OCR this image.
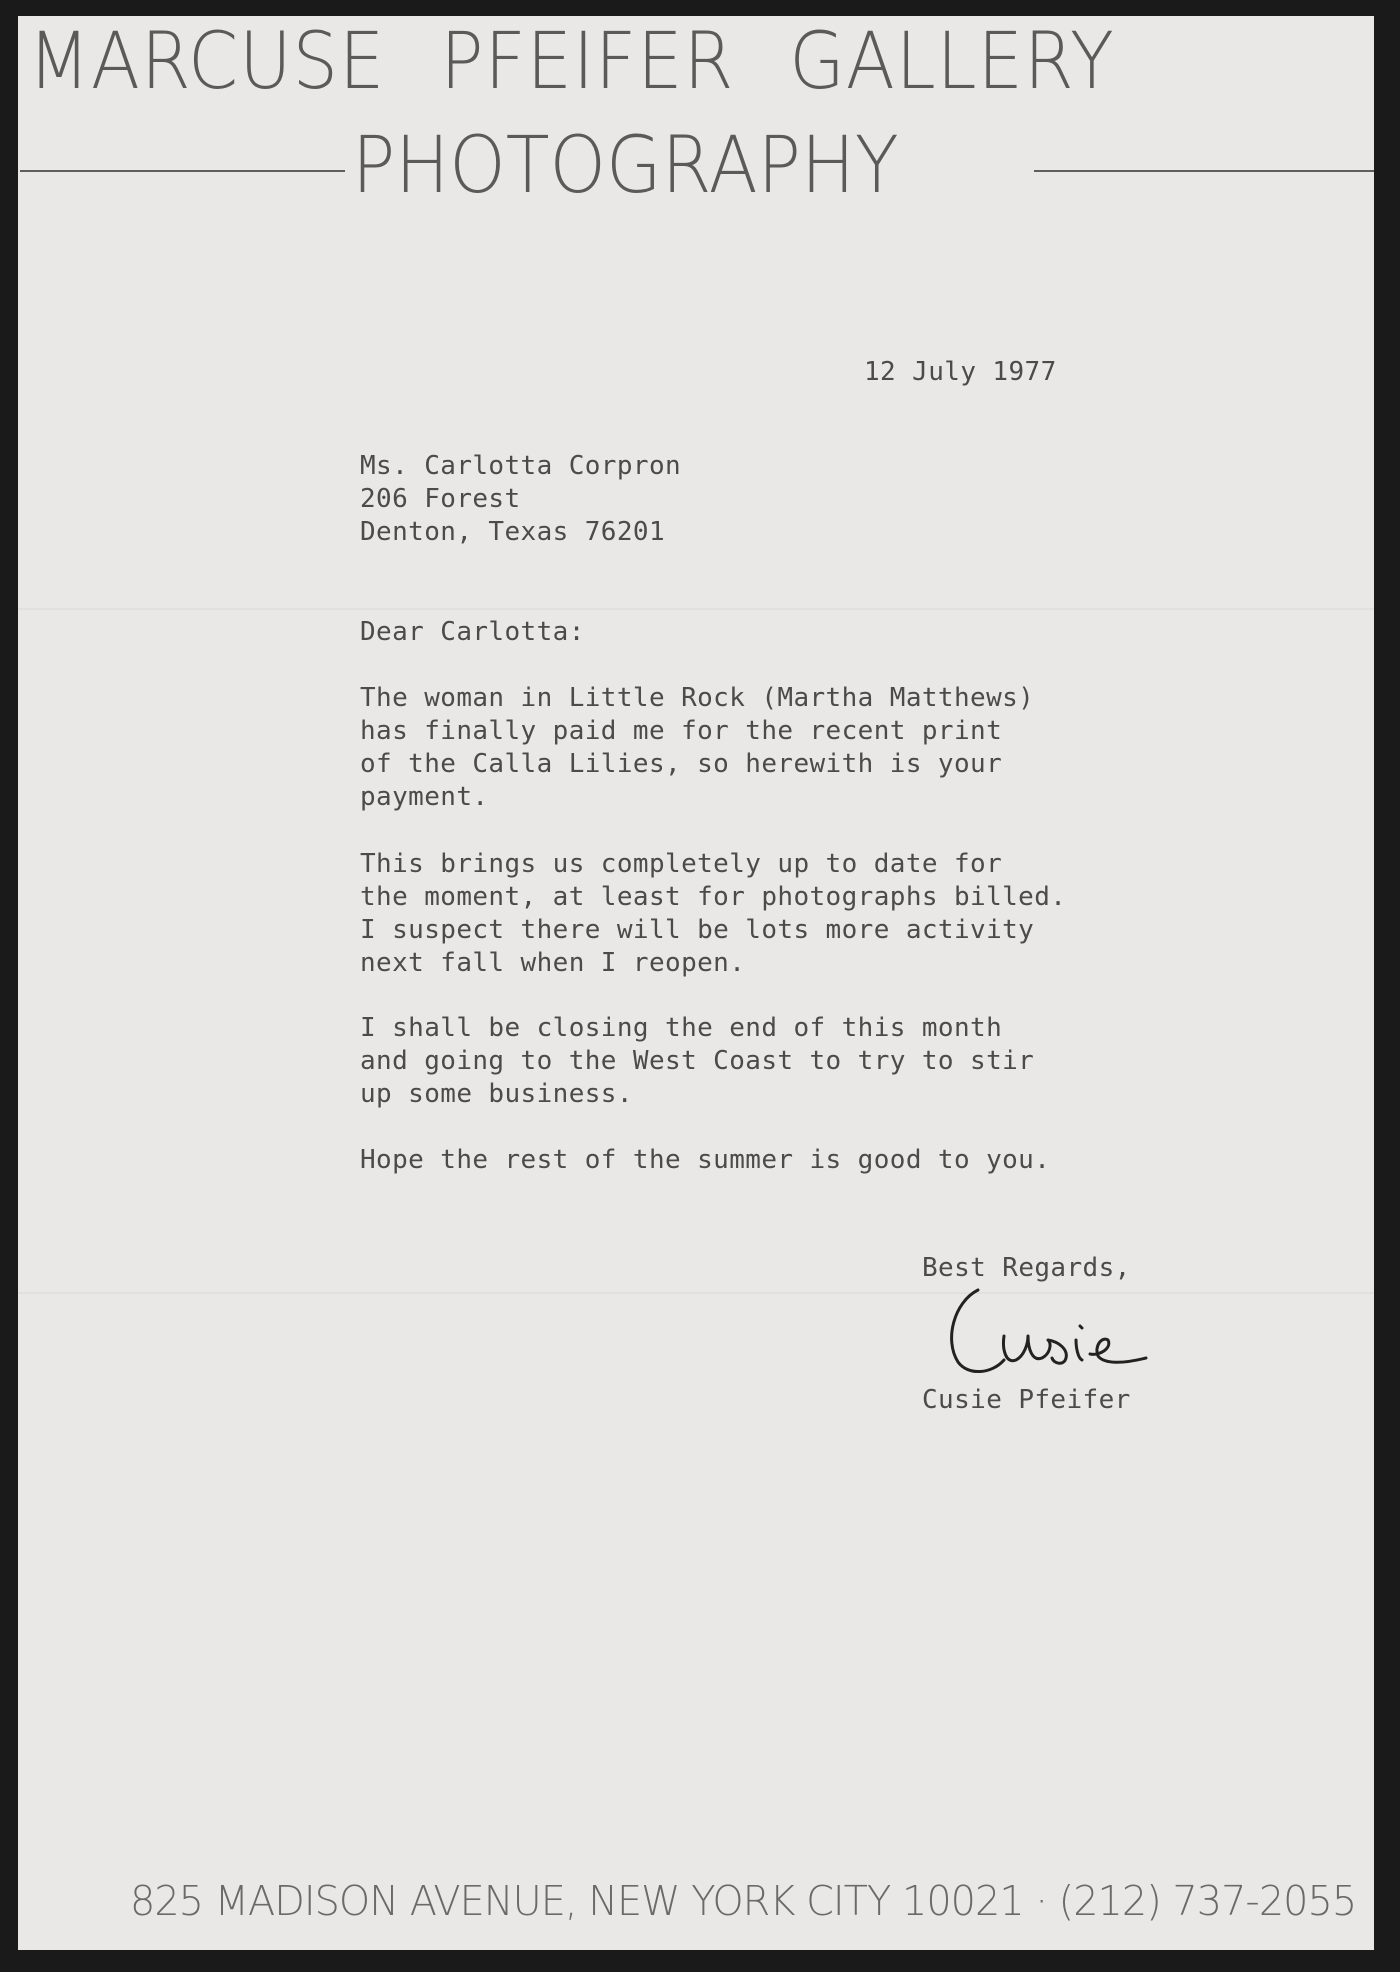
MARCUSE PFEIFER GALLERY
PHOTOGRAPHY

12 July 1977

Ms. Carlotta Corpron
206 Forest
Denton, Texas 76201

Dear Carlotta:

The woman in Little Rock (Martha Matthews)
has finally paid me for the recent print
of the Calla Lilies, so herewith is your
payment.

This brings us completely up to date for
the moment, at least for photographs billed.
I suspect there will be lots more activity
next fall when I reopen.

I shall be closing the end of this month
and going to the West Coast to try to stir
up some business.

Hope the rest of the summer is good to you.

Best Regards,

Cusie Pfeifer

825 MADISON AVENUE, NEW YORK CITY 10021 · (212) 737-2055
